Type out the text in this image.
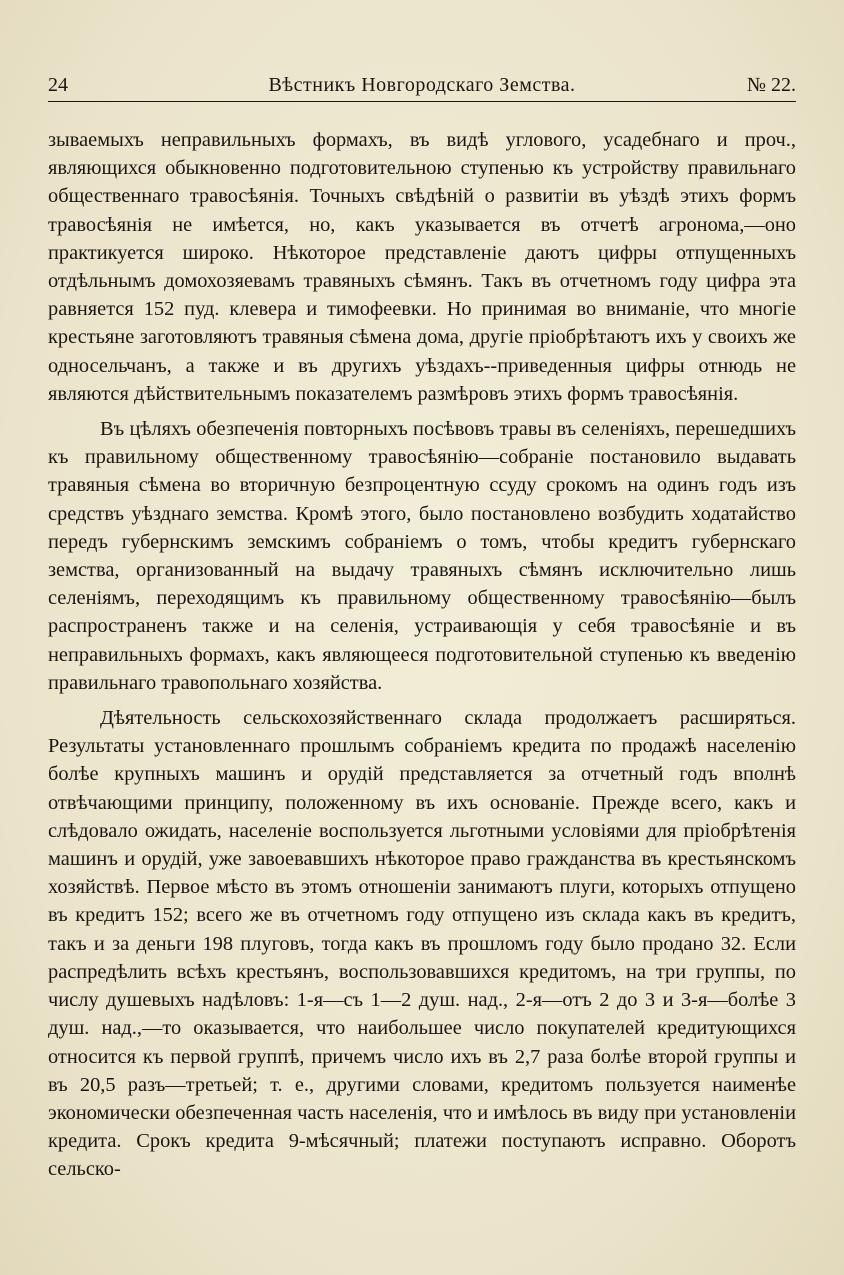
24	Вѣстникъ Новгородскаго Земства.	№ 22.

зываемыхъ неправильныхъ формахъ, въ видѣ углового, усадебнаго и проч., являющихся обыкновенно подготовительною ступенью къ устройству правильнаго общественнаго травосѣянія. Точныхъ свѣдѣній о развитіи въ уѣздѣ этихъ формъ травосѣянія не имѣется, но, какъ указывается въ отчетѣ агронома,—оно практикуется широко. Нѣкоторое представленіе даютъ цифры отпущенныхъ отдѣльнымъ домохозяевамъ травяныхъ сѣмянъ. Такъ въ отчетномъ году цифра эта равняется 152 пуд. клевера и тимофеевки. Но принимая во вниманіе, что многіе крестьяне заготовляютъ травяныя сѣмена дома, другіе пріобрѣтаютъ ихъ у своихъ же односельчанъ, а также и въ другихъ уѣздахъ--приведенныя цифры отнюдь не являются дѣйствительнымъ показателемъ размѣровъ этихъ формъ травосѣянія.

Въ цѣляхъ обезпеченія повторныхъ посѣвовъ травы въ селеніяхъ, перешедшихъ къ правильному общественному травосѣянію—собраніе постановило выдавать травяныя сѣмена во вторичную безпроцентную ссуду срокомъ на одинъ годъ изъ средствъ уѣзднаго земства. Кромѣ этого, было постановлено возбудить ходатайство передъ губернскимъ земскимъ собраніемъ о томъ, чтобы кредитъ губернскаго земства, организованный на выдачу травяныхъ сѣмянъ исключительно лишь селеніямъ, переходящимъ къ правильному общественному травосѣянію—былъ распространенъ также и на селенія, устраивающія у себя травосѣяніе и въ неправильныхъ формахъ, какъ являющееся подготовительной ступенью къ введенію правильнаго травопольнаго хозяйства.

Дѣятельность сельскохозяйственнаго склада продолжаетъ расширяться. Результаты установленнаго прошлымъ собраніемъ кредита по продажѣ населенію болѣе крупныхъ машинъ и орудій представляется за отчетный годъ вполнѣ отвѣчающими принципу, положенному въ ихъ основаніе. Прежде всего, какъ и слѣдовало ожидать, населеніе воспользуется льготными условіями для пріобрѣтенія машинъ и орудій, уже завоевавшихъ нѣкоторое право гражданства въ крестьянскомъ хозяйствѣ. Первое мѣсто въ этомъ отношеніи занимаютъ плуги, которыхъ отпущено въ кредитъ 152; всего же въ отчетномъ году отпущено изъ склада какъ въ кредитъ, такъ и за деньги 198 плуговъ, тогда какъ въ прошломъ году было продано 32. Если распредѣлить всѣхъ крестьянъ, воспользовавшихся кредитомъ, на три группы, по числу душевыхъ надѣловъ: 1-я—съ 1—2 душ. над., 2-я—отъ 2 до 3 и 3-я—болѣе 3 душ. над.,—то оказывается, что наибольшее число покупателей кредитующихся относится къ первой группѣ, причемъ число ихъ въ 2,7 раза болѣе второй группы и въ 20,5 разъ—третьей; т. е., другими словами, кредитомъ пользуется наименѣе экономически обезпеченная часть населенія, что и имѣлось въ виду при установленіи кредита. Срокъ кредита 9-мѣсячный; платежи поступаютъ исправно. Оборотъ сельско-
